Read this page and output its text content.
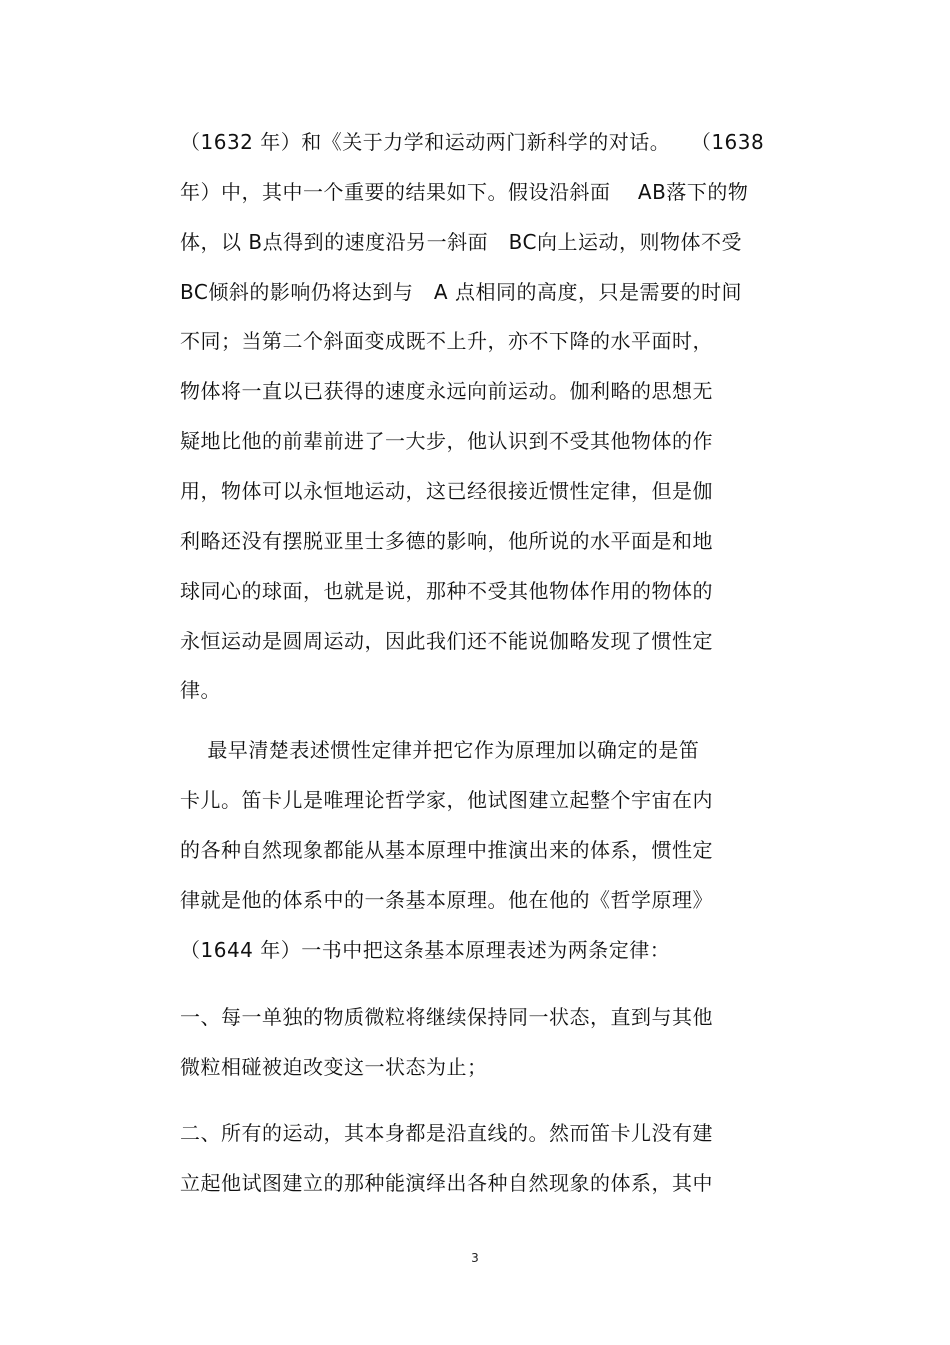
（1632 年）和《关于力学和运动两门新科学的对话。   （1638
年）中，其中一个重要的结果如下。假设沿斜面    AB落下的物
体，以 B点得到的速度沿另一斜面   BC向上运动，则物体不受
BC倾斜的影响仍将达到与   A 点相同的高度，只是需要的时间
不同；当第二个斜面变成既不上升，亦不下降的水平面时，
物体将一直以已获得的速度永远向前运动。伽利略的思想无
疑地比他的前辈前进了一大步，他认识到不受其他物体的作
用，物体可以永恒地运动，这已经很接近惯性定律，但是伽
利略还没有摆脱亚里士多德的影响，他所说的水平面是和地
球同心的球面，也就是说，那种不受其他物体作用的物体的
永恒运动是圆周运动，因此我们还不能说伽略发现了惯性定
律。
最早清楚表述惯性定律并把它作为原理加以确定的是笛
卡儿。笛卡儿是唯理论哲学家，他试图建立起整个宇宙在内
的各种自然现象都能从基本原理中推演出来的体系，惯性定
律就是他的体系中的一条基本原理。他在他的《哲学原理》
（1644 年）一书中把这条基本原理表述为两条定律：
一、每一单独的物质微粒将继续保持同一状态，直到与其他
微粒相碰被迫改变这一状态为止；
二、所有的运动，其本身都是沿直线的。然而笛卡儿没有建
立起他试图建立的那种能演绎出各种自然现象的体系，其中
3
